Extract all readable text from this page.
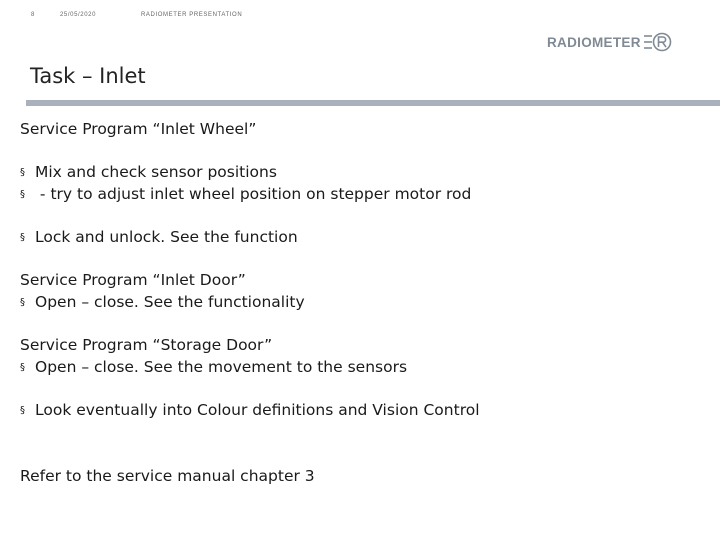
8	25/05/2020	RADIOMETER PRESENTATION
RADIOMETER
Task – Inlet
Service Program “Inlet Wheel”
§ Mix and check sensor positions
§ - try to adjust inlet wheel position on stepper motor rod
§ Lock and unlock. See the function
Service Program “Inlet Door”
§ Open – close. See the functionality
Service Program “Storage Door”
§ Open – close. See the movement to the sensors
§ Look eventually into Colour definitions and Vision Control
Refer to the service manual chapter 3
